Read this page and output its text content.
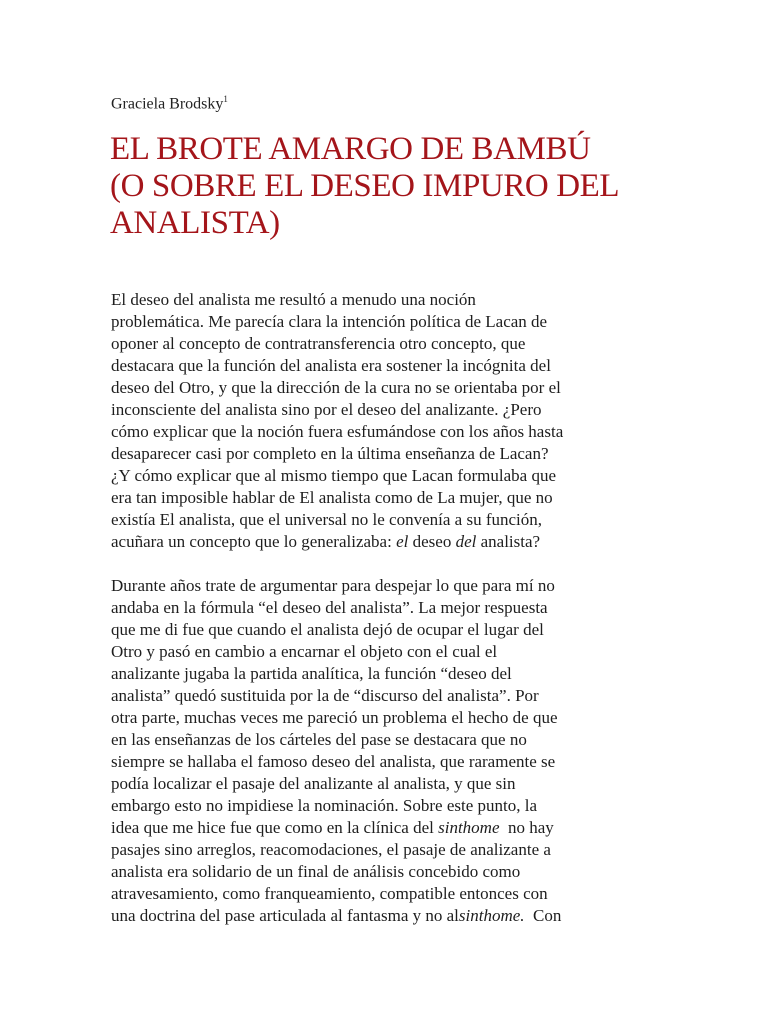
Graciela Brodsky$^1$
EL BROTE AMARGO DE BAMBÚ
(O SOBRE EL DESEO IMPURO DEL
ANALISTA)
El deseo del analista me resultó a menudo una noción
problemática. Me parecía clara la intención política de Lacan de
oponer al concepto de contratransferencia otro concepto, que
destacara que la función del analista era sostener la incógnita del
deseo del Otro, y que la dirección de la cura no se orientaba por el
inconsciente del analista sino por el deseo del analizante. ¿Pero
cómo explicar que la noción fuera esfumándose con los años hasta
desaparecer casi por completo en la última enseñanza de Lacan?
¿Y cómo explicar que al mismo tiempo que Lacan formulaba que
era tan imposible hablar de El analista como de La mujer, que no
existía El analista, que el universal no le convenía a su función,
acuñara un concepto que lo generalizaba: el deseo del analista?
Durante años trate de argumentar para despejar lo que para mí no
andaba en la fórmula “el deseo del analista”. La mejor respuesta
que me di fue que cuando el analista dejó de ocupar el lugar del
Otro y pasó en cambio a encarnar el objeto con el cual el
analizante jugaba la partida analítica, la función “deseo del
analista” quedó sustituida por la de “discurso del analista”. Por
otra parte, muchas veces me pareció un problema el hecho de que
en las enseñanzas de los cárteles del pase se destacara que no
siempre se hallaba el famoso deseo del analista, que raramente se
podía localizar el pasaje del analizante al analista, y que sin
embargo esto no impidiese la nominación. Sobre este punto, la
idea que me hice fue que como en la clínica del sinthome  no hay
pasajes sino arreglos, reacomodaciones, el pasaje de analizante a
analista era solidario de un final de análisis concebido como
atravesamiento, como franqueamiento, compatible entonces con
una doctrina del pase articulada al fantasma y no alsinthome.  Con
